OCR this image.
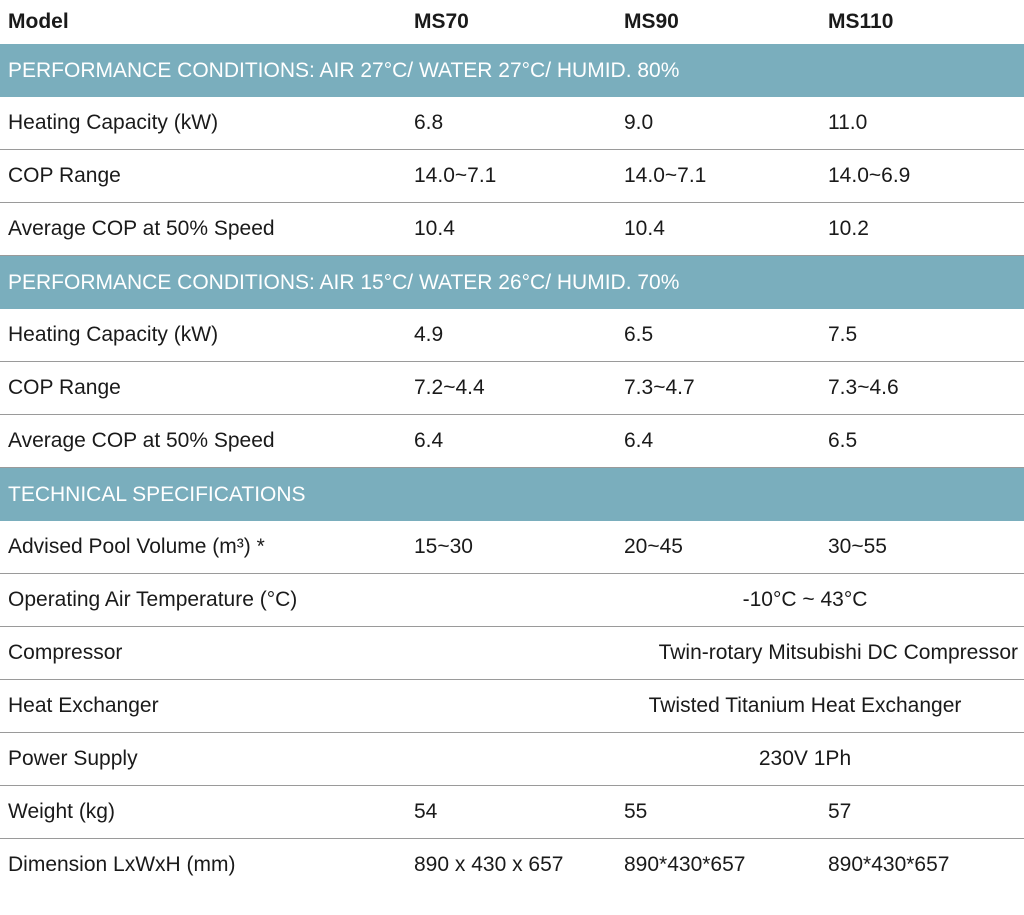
Model	MS70	MS90	MS110
PERFORMANCE CONDITIONS: AIR 27°C/ WATER 27°C/ HUMID. 80%			
Heating Capacity (kW)	6.8	9.0	11.0
COP Range	14.0~7.1	14.0~7.1	14.0~6.9
Average COP at 50% Speed	10.4	10.4	10.2
PERFORMANCE CONDITIONS: AIR 15°C/ WATER 26°C/ HUMID. 70%			
Heating Capacity (kW)	4.9	6.5	7.5
COP Range	7.2~4.4	7.3~4.7	7.3~4.6
Average COP at 50% Speed	6.4	6.4	6.5
TECHNICAL SPECIFICATIONS			
Advised Pool Volume (m³) *	15~30	20~45	30~55
Operating Air Temperature (°C)	-10°C ~ 43°C		
Compressor	Twin-rotary Mitsubishi DC Compressor		
Heat Exchanger	Twisted Titanium Heat Exchanger		
Power Supply	230V 1Ph		
Weight (kg)	54	55	57
Dimension LxWxH (mm)	890 x 430 x 657	890*430*657	890*430*657
